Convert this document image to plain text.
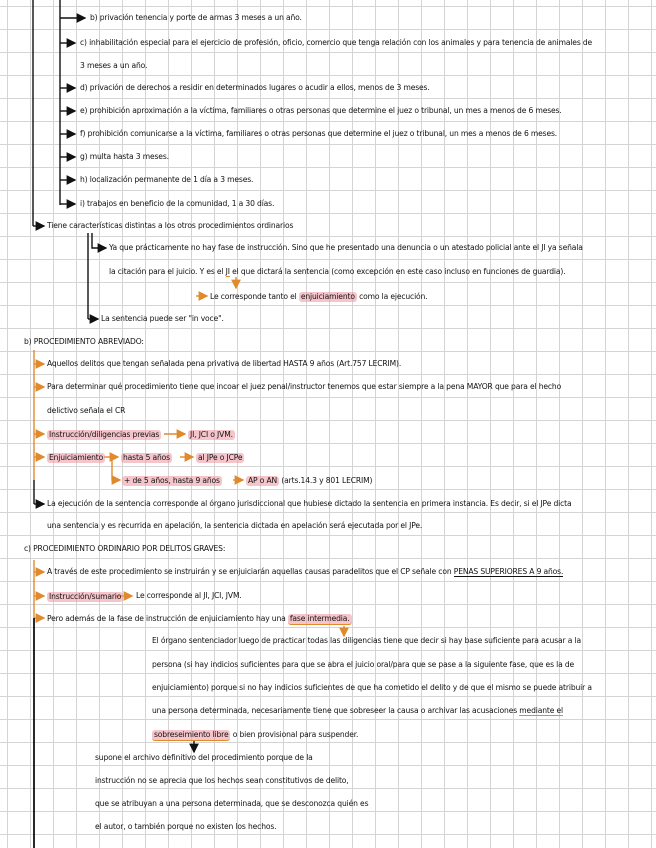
b) privación tenencia y porte de armas 3 meses a un año.
c) inhabilitación especial para el ejercicio de profesión, oficio, comercio que tenga relación con los animales y para tenencia de animales de
3 meses a un año.
d) privación de derechos a residir en determinados lugares o acudir a ellos, menos de 3 meses.
e) prohibición aproximación a la víctima, familiares o otras personas que determine el juez o tribunal, un mes a menos de 6 meses.
f) prohibición comunicarse a la víctima, familiares o otras personas que determine el juez o tribunal, un mes a menos de 6 meses.
g) multa hasta 3 meses.
h) localización permanente de 1 día a 3 meses.
i) trabajos en beneficio de la comunidad, 1 a 30 días.
Tiene características distintas a los otros procedimientos ordinarios
Ya que prácticamente no hay fase de instrucción. Sino que he presentado una denuncia o un atestado policial ante el JI ya señala
la citación para el juicio. Y es el JI el que dictará la sentencia (como excepción en este caso incluso en funciones de guardia).
Le corresponde tanto el enjuiciamiento como la ejecución.
La sentencia puede ser "in voce".
b) PROCEDIMIENTO ABREVIADO:
Aquellos delitos que tengan señalada pena privativa de libertad HASTA 9 años (Art.757 LECRIM).
Para determinar qué procedimiento tiene que incoar el juez penal/instructor tenemos que estar siempre a la pena MAYOR que para el hecho
delictivo señala el CR
Instrucción/diligencias previas	JI, JCI o JVM.
Enjuiciamiento	hasta 5 años	al JPe o JCPe
+ de 5 años, hasta 9 años	AP o AN (arts.14.3 y 801 LECRIM)
La ejecución de la sentencia corresponde al órgano jurisdiccional que hubiese dictado la sentencia en primera instancia. Es decir, si el JPe dicta
una sentencia y es recurrida en apelación, la sentencia dictada en apelación será ejecutada por el JPe.
c) PROCEDIMIENTO ORDINARIO POR DELITOS GRAVES:
A través de este procedimiento se instruirán y se enjuiciarán aquellas causas paradelitos que el CP señale con PENAS SUPERIORES A 9 años.
Instrucción/sumario Le corresponde al JI, JCI, JVM.
Pero además de la fase de instrucción de enjuiciamiento hay una fase intermedia.
El órgano sentenciador luego de practicar todas las diligencias tiene que decir si hay base suficiente para acusar a la
persona (si hay indicios suficientes para que se abra el juicio oral/para que se pase a la siguiente fase, que es la de
enjuiciamiento) porque si no hay indicios suficientes de que ha cometido el delito y de que el mismo se puede atribuir a
una persona determinada, necesariamente tiene que sobreseer la causa o archivar las acusaciones mediante el
sobreseimiento libre o bien provisional para suspender.
supone el archivo definitivo del procedimiento porque de la
instrucción no se aprecia que los hechos sean constitutivos de delito,
que se atribuyan a una persona determinada, que se desconozca quién es
el autor, o también porque no existen los hechos.
